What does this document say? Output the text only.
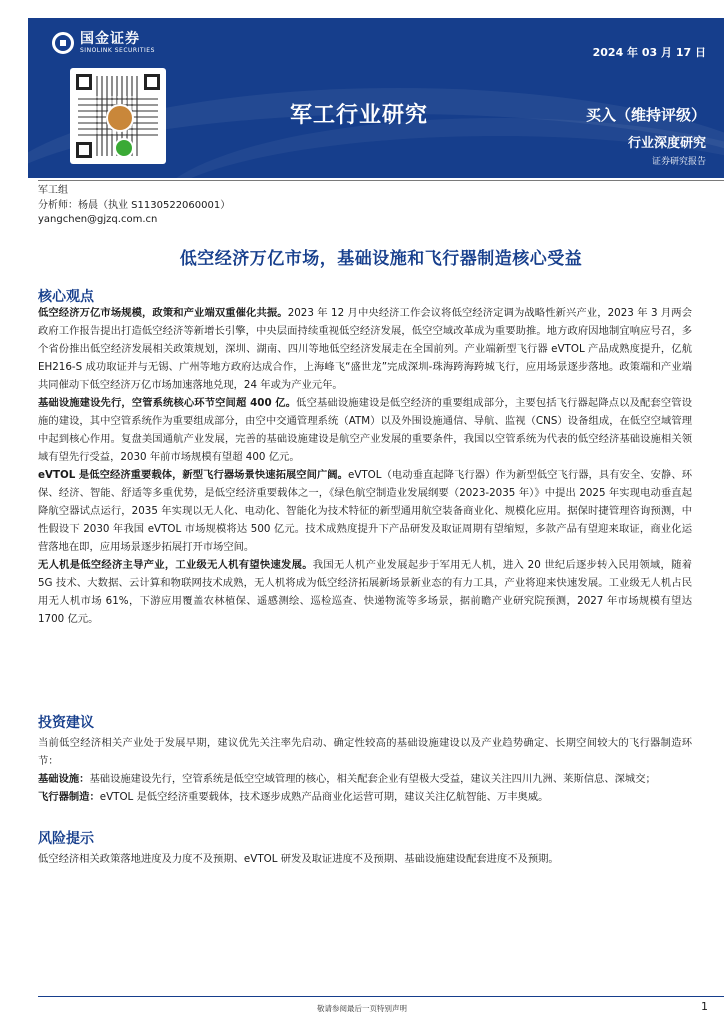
国金证券
SINOLINK SECURITIES	2024 年 03 月 17 日
军工行业研究	买入（维持评级）
行业深度研究
证券研究报告
军工组
分析师：杨晨（执业 S1130522060001）
yangchen@gjzq.com.cn
低空经济万亿市场，基础设施和飞行器制造核心受益
核心观点

低空经济万亿市场规模，政策和产业端双重催化共振。2023 年 12 月中央经济工作会议将低空经济定调为战略性新兴产业，2023 年 3 月两会政府工作报告提出打造低空经济等新增长引擎，中央层面持续重视低空经济发展，低空空域改革成为重要助推。地方政府因地制宜响应号召，多个省份推出低空经济发展相关政策规划，深圳、湖南、四川等地低空经济发展走在全国前列。产业端新型飞行器 eVTOL 产品成熟度提升，亿航 EH216-S 成功取证并与无锡、广州等地方政府达成合作，上海峰飞“盛世龙”完成深圳-珠海跨海跨城飞行，应用场景逐步落地。政策端和产业端共同催动下低空经济万亿市场加速落地兑现，24 年或为产业元年。

基础设施建设先行，空管系统核心环节空间超 400 亿。低空基础设施建设是低空经济的重要组成部分，主要包括飞行器起降点以及配套空管设施的建设，其中空管系统作为重要组成部分，由空中交通管理系统（ATM）以及外围设施通信、导航、监视（CNS）设备组成，在低空空域管理中起到核心作用。复盘美国通航产业发展，完善的基础设施建设是航空产业发展的重要条件，我国以空管系统为代表的低空经济基础设施相关领域有望先行受益，2030 年前市场规模有望超 400 亿元。

eVTOL 是低空经济重要载体，新型飞行器场景快速拓展空间广阔。eVTOL（电动垂直起降飞行器）作为新型低空飞行器，具有安全、安静、环保、经济、智能、舒适等多重优势，是低空经济重要载体之一，《绿色航空制造业发展纲要（2023-2035 年）》中提出 2025 年实现电动垂直起降航空器试点运行，2035 年实现以无人化、电动化、智能化为技术特征的新型通用航空装备商业化、规模化应用。据保时捷管理咨询预测，中性假设下 2030 年我国 eVTOL 市场规模将达 500 亿元。技术成熟度提升下产品研发及取证周期有望缩短，多款产品有望迎来取证，商业化运营落地在即，应用场景逐步拓展打开市场空间。

无人机是低空经济主导产业，工业级无人机有望快速发展。我国无人机产业发展起步于军用无人机，进入 20 世纪后逐步转入民用领域，随着 5G 技术、大数据、云计算和物联网技术成熟，无人机将成为低空经济拓展新场景新业态的有力工具，产业将迎来快速发展。工业级无人机占民用无人机市场 61%，下游应用覆盖农林植保、遥感测绘、巡检巡查、快递物流等多场景，据前瞻产业研究院预测，2027 年市场规模有望达 1700 亿元。

投资建议

当前低空经济相关产业处于发展早期，建议优先关注率先启动、确定性较高的基础设施建设以及产业趋势确定、长期空间较大的飞行器制造环节：

基础设施：基础设施建设先行，空管系统是低空空域管理的核心，相关配套企业有望极大受益，建议关注四川九洲、莱斯信息、深城交；

飞行器制造：eVTOL 是低空经济重要载体，技术逐步成熟产品商业化运营可期，建议关注亿航智能、万丰奥威。

风险提示

低空经济相关政策落地进度及力度不及预期、eVTOL 研发及取证进度不及预期、基础设施建设配套进度不及预期。

敬请参阅最后一页特别声明	1
